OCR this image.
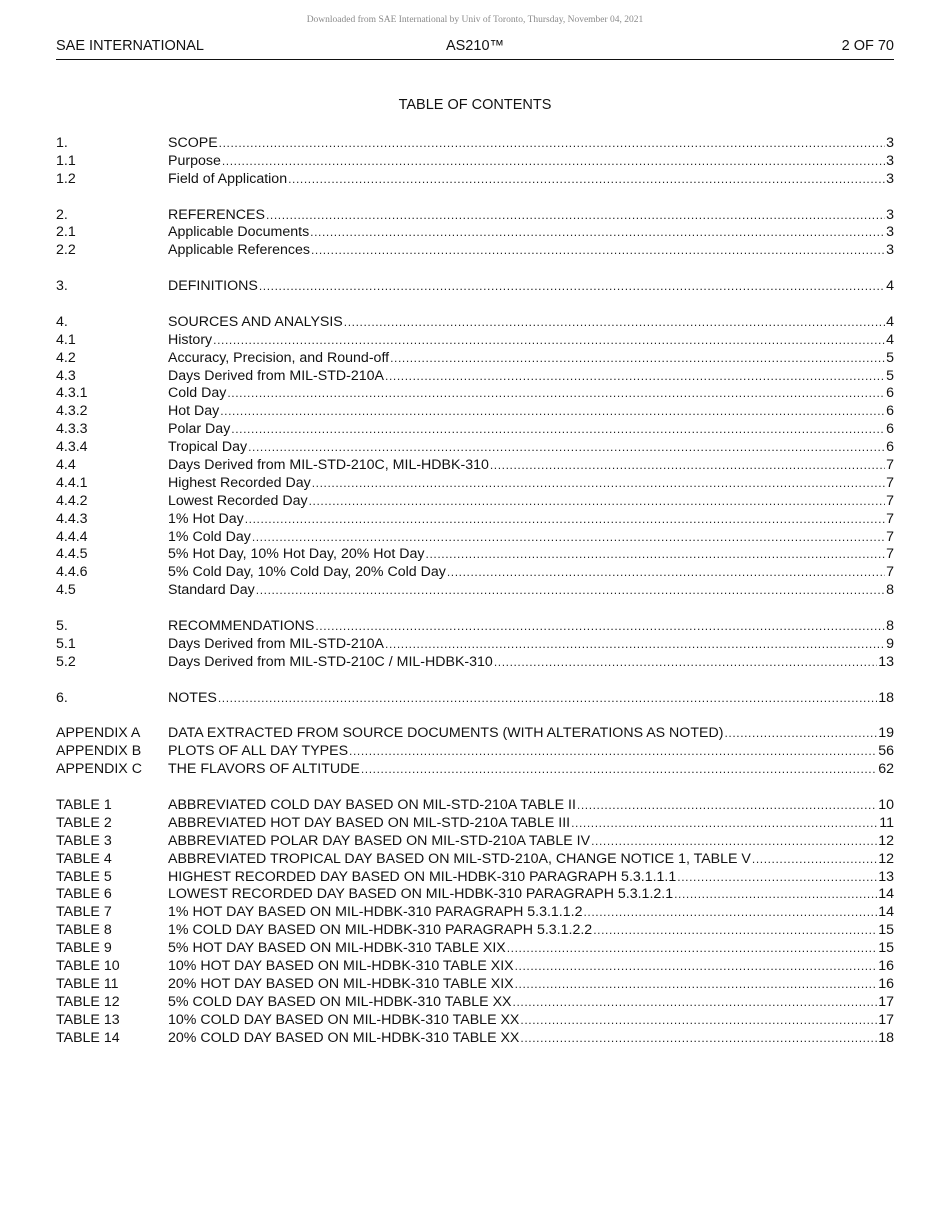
Downloaded from SAE International by Univ of Toronto, Thursday, November 04, 2021
SAE INTERNATIONAL	AS210™	2 OF 70
TABLE OF CONTENTS
1.	SCOPE .....	3
1.1	Purpose .....	3
1.2	Field of Application .....	3
2.	REFERENCES .....	3
2.1	Applicable Documents .....	3
2.2	Applicable References .....	3
3.	DEFINITIONS .....	4
4.	SOURCES AND ANALYSIS .....	4
4.1	History .....	4
4.2	Accuracy, Precision, and Round-off .....	5
4.3	Days Derived from MIL-STD-210A .....	5
4.3.1	Cold Day .....	6
4.3.2	Hot Day .....	6
4.3.3	Polar Day .....	6
4.3.4	Tropical Day .....	6
4.4	Days Derived from MIL-STD-210C, MIL-HDBK-310 .....	7
4.4.1	Highest Recorded Day .....	7
4.4.2	Lowest Recorded Day .....	7
4.4.3	1% Hot Day .....	7
4.4.4	1% Cold Day .....	7
4.4.5	5% Hot Day, 10% Hot Day, 20% Hot Day .....	7
4.4.6	5% Cold Day, 10% Cold Day, 20% Cold Day .....	7
4.5	Standard Day .....	8
5.	RECOMMENDATIONS .....	8
5.1	Days Derived from MIL-STD-210A .....	9
5.2	Days Derived from MIL-STD-210C / MIL-HDBK-310 .....	13
6.	NOTES .....	18
APPENDIX A	DATA EXTRACTED FROM SOURCE DOCUMENTS (WITH ALTERATIONS AS NOTED) .....	19
APPENDIX B	PLOTS OF ALL DAY TYPES .....	56
APPENDIX C	THE FLAVORS OF ALTITUDE .....	62
TABLE 1	ABBREVIATED COLD DAY BASED ON MIL-STD-210A TABLE II .....	10
TABLE 2	ABBREVIATED HOT DAY BASED ON MIL-STD-210A TABLE III .....	11
TABLE 3	ABBREVIATED POLAR DAY BASED ON MIL-STD-210A TABLE IV .....	12
TABLE 4	ABBREVIATED TROPICAL DAY BASED ON MIL-STD-210A, CHANGE NOTICE 1, TABLE V .....	12
TABLE 5	HIGHEST RECORDED DAY BASED ON MIL-HDBK-310 PARAGRAPH 5.3.1.1.1 .....	13
TABLE 6	LOWEST RECORDED DAY BASED ON MIL-HDBK-310 PARAGRAPH 5.3.1.2.1 .....	14
TABLE 7	1% HOT DAY BASED ON MIL-HDBK-310 PARAGRAPH 5.3.1.1.2 .....	14
TABLE 8	1% COLD DAY BASED ON MIL-HDBK-310 PARAGRAPH 5.3.1.2.2 .....	15
TABLE 9	5% HOT DAY BASED ON MIL-HDBK-310 TABLE XIX .....	15
TABLE 10	10% HOT DAY BASED ON MIL-HDBK-310 TABLE XIX .....	16
TABLE 11	20% HOT DAY BASED ON MIL-HDBK-310 TABLE XIX .....	16
TABLE 12	5% COLD DAY BASED ON MIL-HDBK-310 TABLE XX .....	17
TABLE 13	10% COLD DAY BASED ON MIL-HDBK-310 TABLE XX .....	17
TABLE 14	20% COLD DAY BASED ON MIL-HDBK-310 TABLE XX .....	18
